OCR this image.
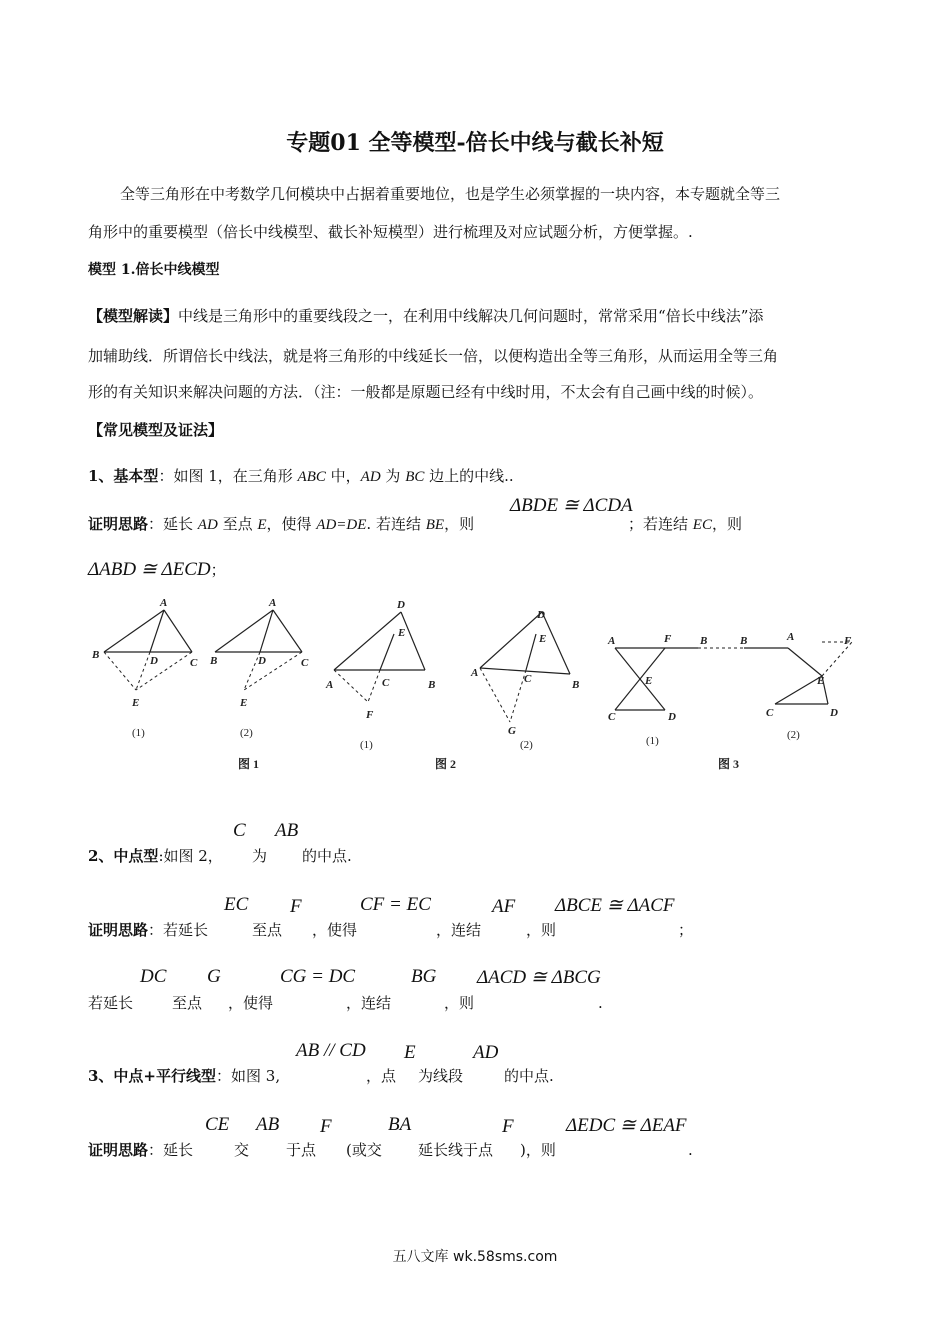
专题01 全等模型-倍长中线与截长补短
全等三角形在中考数学几何模块中占据着重要地位，也是学生必须掌握的一块内容，本专题就全等三
角形中的重要模型（倍长中线模型、截长补短模型）进行梳理及对应试题分析，方便掌握。.
模型 1.倍长中线模型
【模型解读】中线是三角形中的重要线段之一，在利用中线解决几何问题时，常常采用“倍长中线法”添
加辅助线．所谓倍长中线法，就是将三角形的中线延长一倍，以便构造出全等三角形，从而运用全等三角
形的有关知识来解决问题的方法．（注：一般都是原题已经有中线时用，不太会有自己画中线的时候）。
【常见模型及证法】
1、基本型：如图 1，在三角形 ABC 中，AD 为 BC 边上的中线..
ΔBDE ≅ ΔCDA
证明思路：延长 AD 至点 E，使得 AD=DE. 若连结 BE，则	；若连结 EC，则
ΔABD ≅ ΔECD；
A
B	D	C
E
A
B	D	C
E
D
E
A	C	B
F
D
E
A	C	B
G
A	F	B
E
C	D
B	A	F
E
C	D
(1)	(2)
(1)	(2)	(1)	(2)
图 1	图 2	图 3
C AB
2、中点型:如图 2， 为 的中点.
EC F	CF = EC	AF ΔBCE ≅ ΔACF
证明思路：若延长	至点 ，使得	，连结	，则	；
DC G	CG = DC	BG ΔACD ≅ ΔBCG
若延长	至点 ，使得	，连结	，则	.
AB // CD E	AD
3、中点+平行线型：如图 3,	，点 为线段	的中点.
CE AB F	BA	F	ΔEDC ≅ ΔEAF
证明思路：延长	交 于点 (或交 延长线于点 )，则	.
五八文库 wk.58sms.com
